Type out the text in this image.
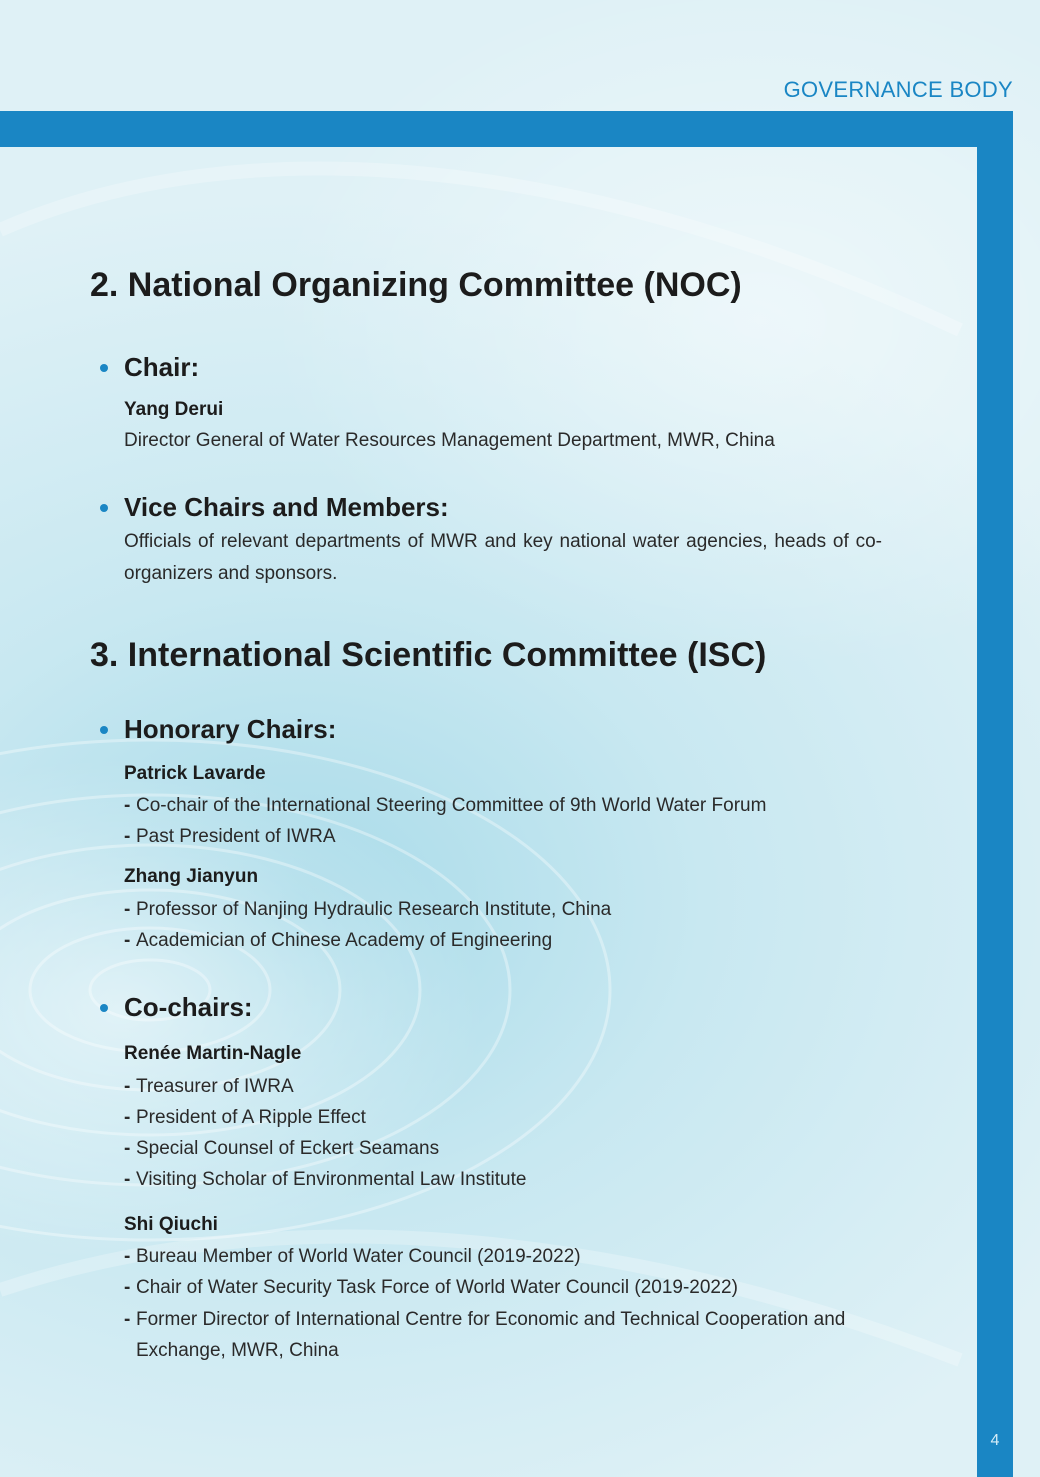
GOVERNANCE BODY
4
2. National Organizing Committee (NOC)
Chair:

Yang Derui

Director General of Water Resources Management Department, MWR, China

Vice Chairs and Members:

Officials of relevant departments of MWR and key national water agencies, heads of co-organizers and sponsors.

3. International Scientific Committee (ISC)
Honorary Chairs:

Patrick Lavarde

- Co-chair of the International Steering Committee of 9th World Water Forum
- Past President of IWRA

Zhang Jianyun

- Professor of Nanjing Hydraulic Research Institute, China
- Academician of Chinese Academy of Engineering
Co-chairs:

Renée Martin-Nagle

- Treasurer of IWRA
- President of A Ripple Effect
- Special Counsel of Eckert Seamans
- Visiting Scholar of Environmental Law Institute

Shi Qiuchi

- Bureau Member of World Water Council (2019-2022)
- Chair of Water Security Task Force of World Water Council (2019-2022)
- Former Director of International Centre for Economic and Technical Cooperation and Exchange, MWR, China
